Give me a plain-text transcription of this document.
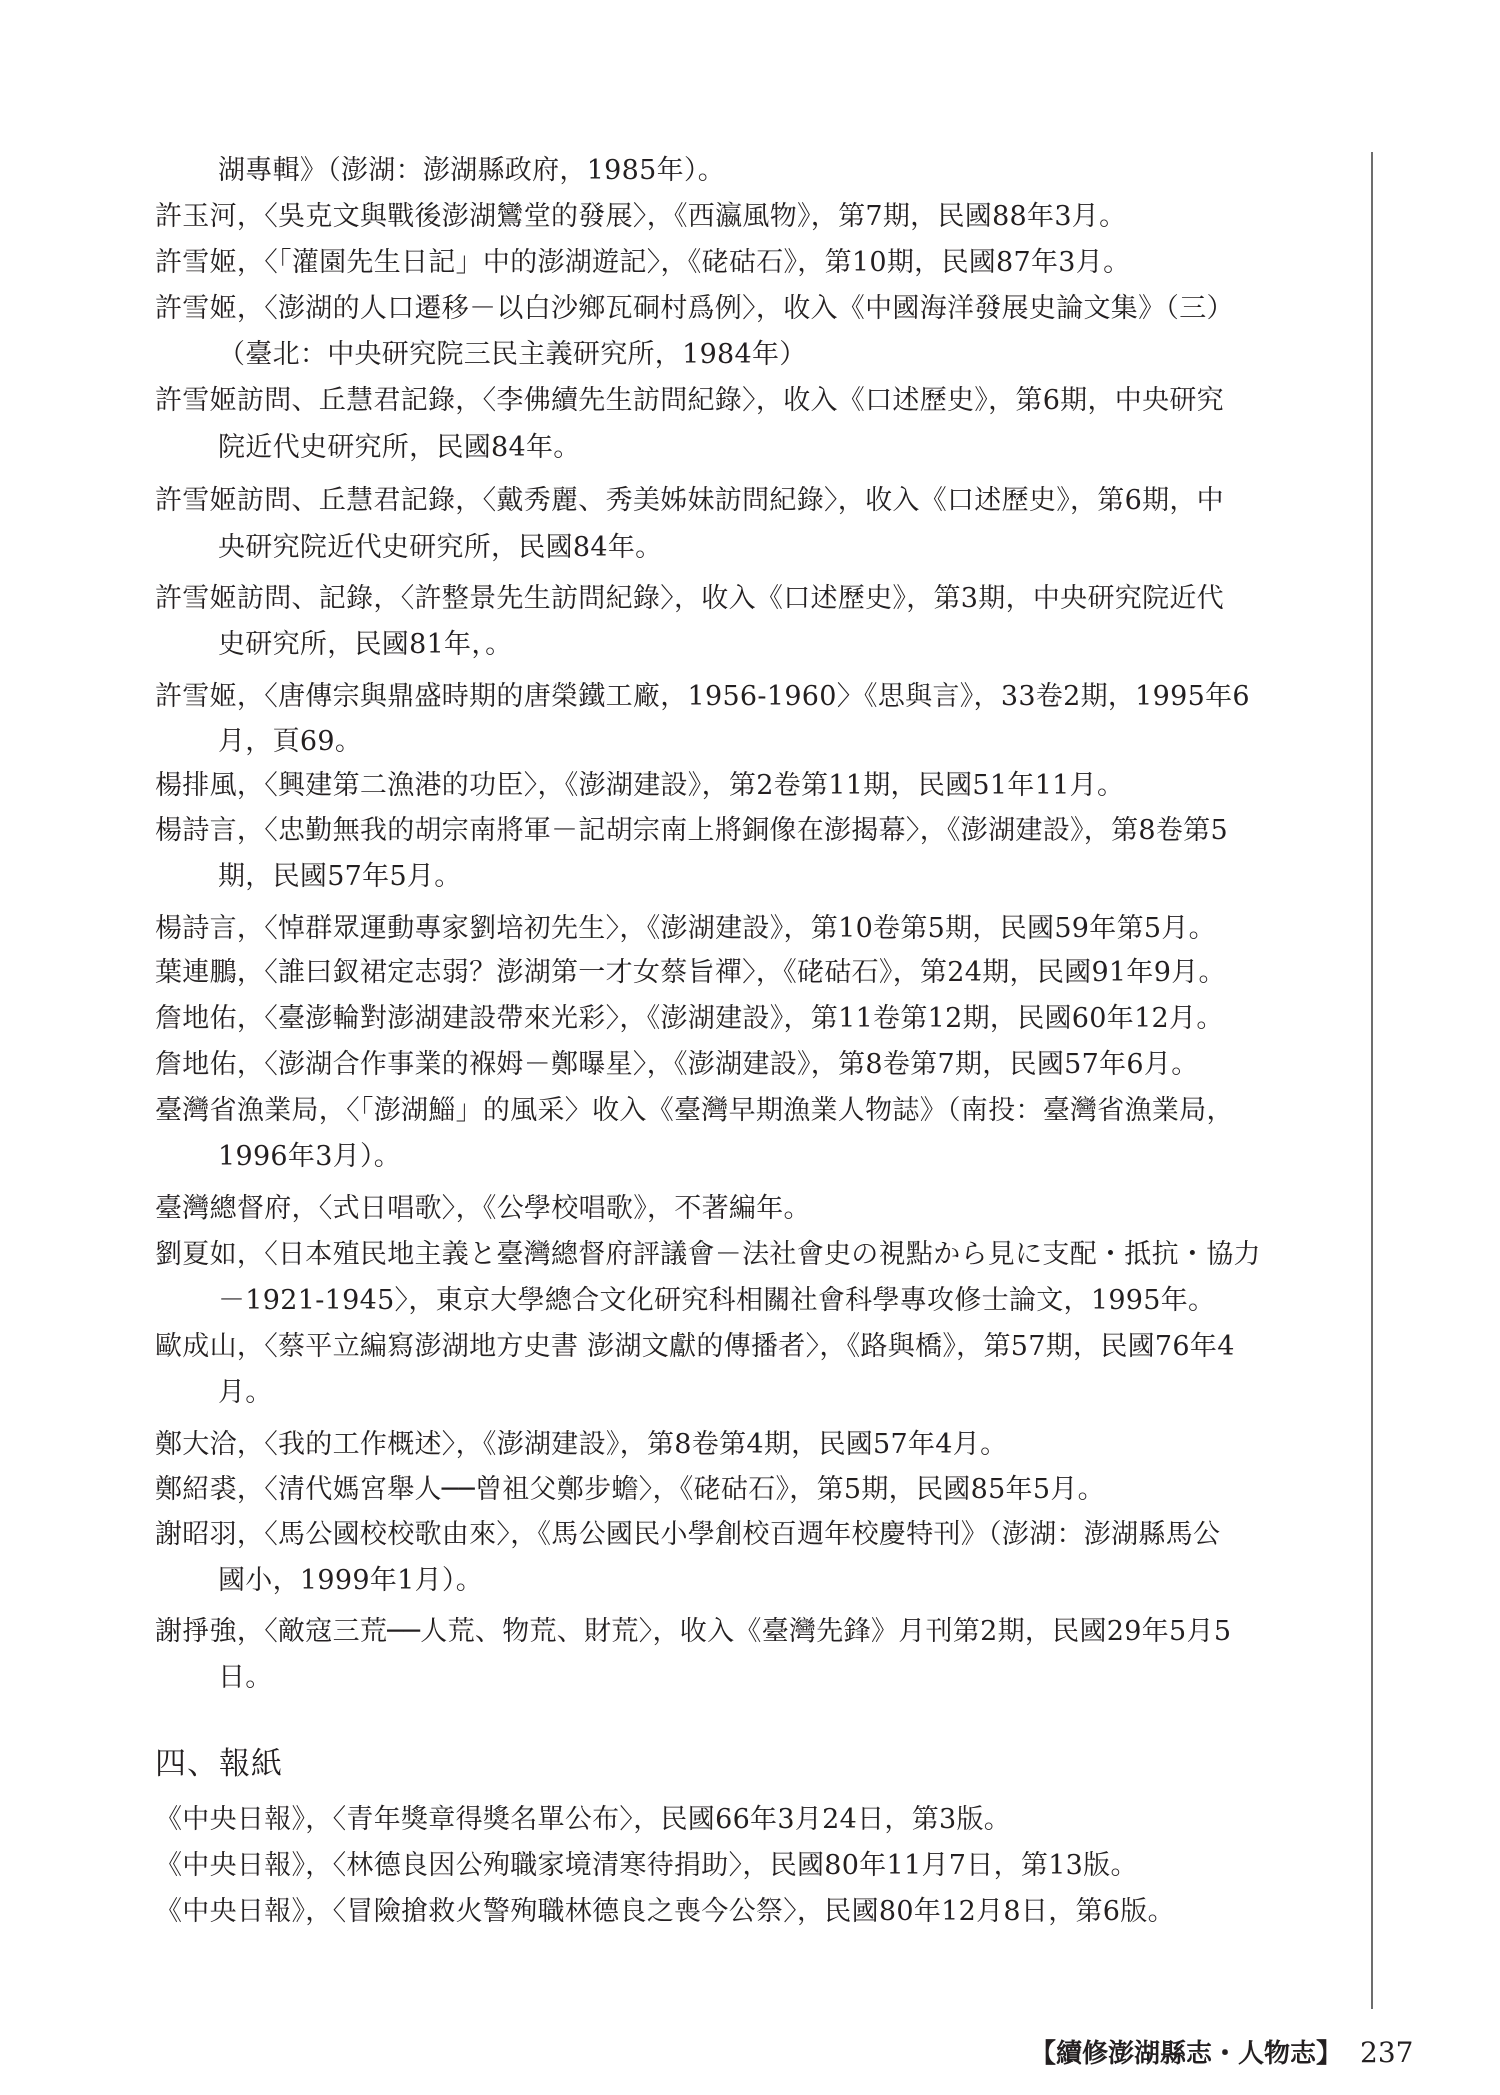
湖專輯》（澎湖：澎湖縣政府，1985年）。
許玉河，〈吳克文與戰後澎湖鸞堂的發展〉，《西瀛風物》，第7期，民國88年3月。
許雪姬，〈「灌園先生日記」中的澎湖遊記〉，《硓𥑮石》，第10期，民國87年3月。
許雪姬，〈澎湖的人口遷移－以白沙鄉瓦硐村爲例〉，收入《中國海洋發展史論文集》（三）
（臺北：中央研究院三民主義研究所，1984年）
許雪姬訪問、丘慧君記錄，〈李佛續先生訪問紀錄〉，收入《口述歷史》，第6期，中央研究
院近代史研究所，民國84年。
許雪姬訪問、丘慧君記錄，〈戴秀麗、秀美姊妹訪問紀錄〉，收入《口述歷史》，第6期，中
央研究院近代史研究所，民國84年。
許雪姬訪問、記錄，〈許整景先生訪問紀錄〉，收入《口述歷史》，第3期，中央研究院近代
史研究所，民國81年，。
許雪姬，〈唐傳宗與鼎盛時期的唐榮鐵工廠，1956-1960〉《思與言》，33卷2期，1995年6
月，頁69。
楊排風，〈興建第二漁港的功臣〉，《澎湖建設》，第2卷第11期，民國51年11月。
楊詩言，〈忠勤無我的胡宗南將軍－記胡宗南上將銅像在澎揭幕〉，《澎湖建設》，第8卷第5
期，民國57年5月。
楊詩言，〈悼群眾運動專家劉培初先生〉，《澎湖建設》，第10卷第5期，民國59年第5月。
葉連鵬，〈誰曰釵裙定志弱？澎湖第一才女蔡旨禪〉，《硓𥑮石》，第24期，民國91年9月。
詹地佑，〈臺澎輪對澎湖建設帶來光彩〉，《澎湖建設》，第11卷第12期，民國60年12月。
詹地佑，〈澎湖合作事業的褓姆－鄭曝星〉，《澎湖建設》，第8卷第7期，民國57年6月。
臺灣省漁業局，〈「澎湖鯔」的風采〉收入《臺灣早期漁業人物誌》（南投：臺灣省漁業局，
1996年3月）。
臺灣總督府，〈式日唱歌〉，《公學校唱歌》，不著編年。
劉夏如，〈日本殖民地主義と臺灣總督府評議會－法社會史の視點から見に支配・抵抗・協力
－1921-1945〉，東京大學總合文化研究科相關社會科學專攻修士論文，1995年。
歐成山，〈蔡平立編寫澎湖地方史書 澎湖文獻的傳播者〉，《路與橋》，第57期，民國76年4
月。
鄭大洽，〈我的工作概述〉，《澎湖建設》，第8卷第4期，民國57年4月。
鄭紹裘，〈清代媽宮舉人──曾祖父鄭步蟾〉，《硓𥑮石》，第5期，民國85年5月。
謝昭羽，〈馬公國校校歌由來〉，《馬公國民小學創校百週年校慶特刊》（澎湖：澎湖縣馬公
國小，1999年1月）。
謝掙強，〈敵寇三荒──人荒、物荒、財荒〉，收入《臺灣先鋒》月刊第2期，民國29年5月5
日。
四、報紙
《中央日報》，〈青年獎章得獎名單公布〉，民國66年3月24日，第3版。
《中央日報》，〈林德良因公殉職家境清寒待捐助〉，民國80年11月7日，第13版。
《中央日報》，〈冒險搶救火警殉職林德良之喪今公祭〉，民國80年12月8日，第6版。
【續修澎湖縣志・人物志】 237
